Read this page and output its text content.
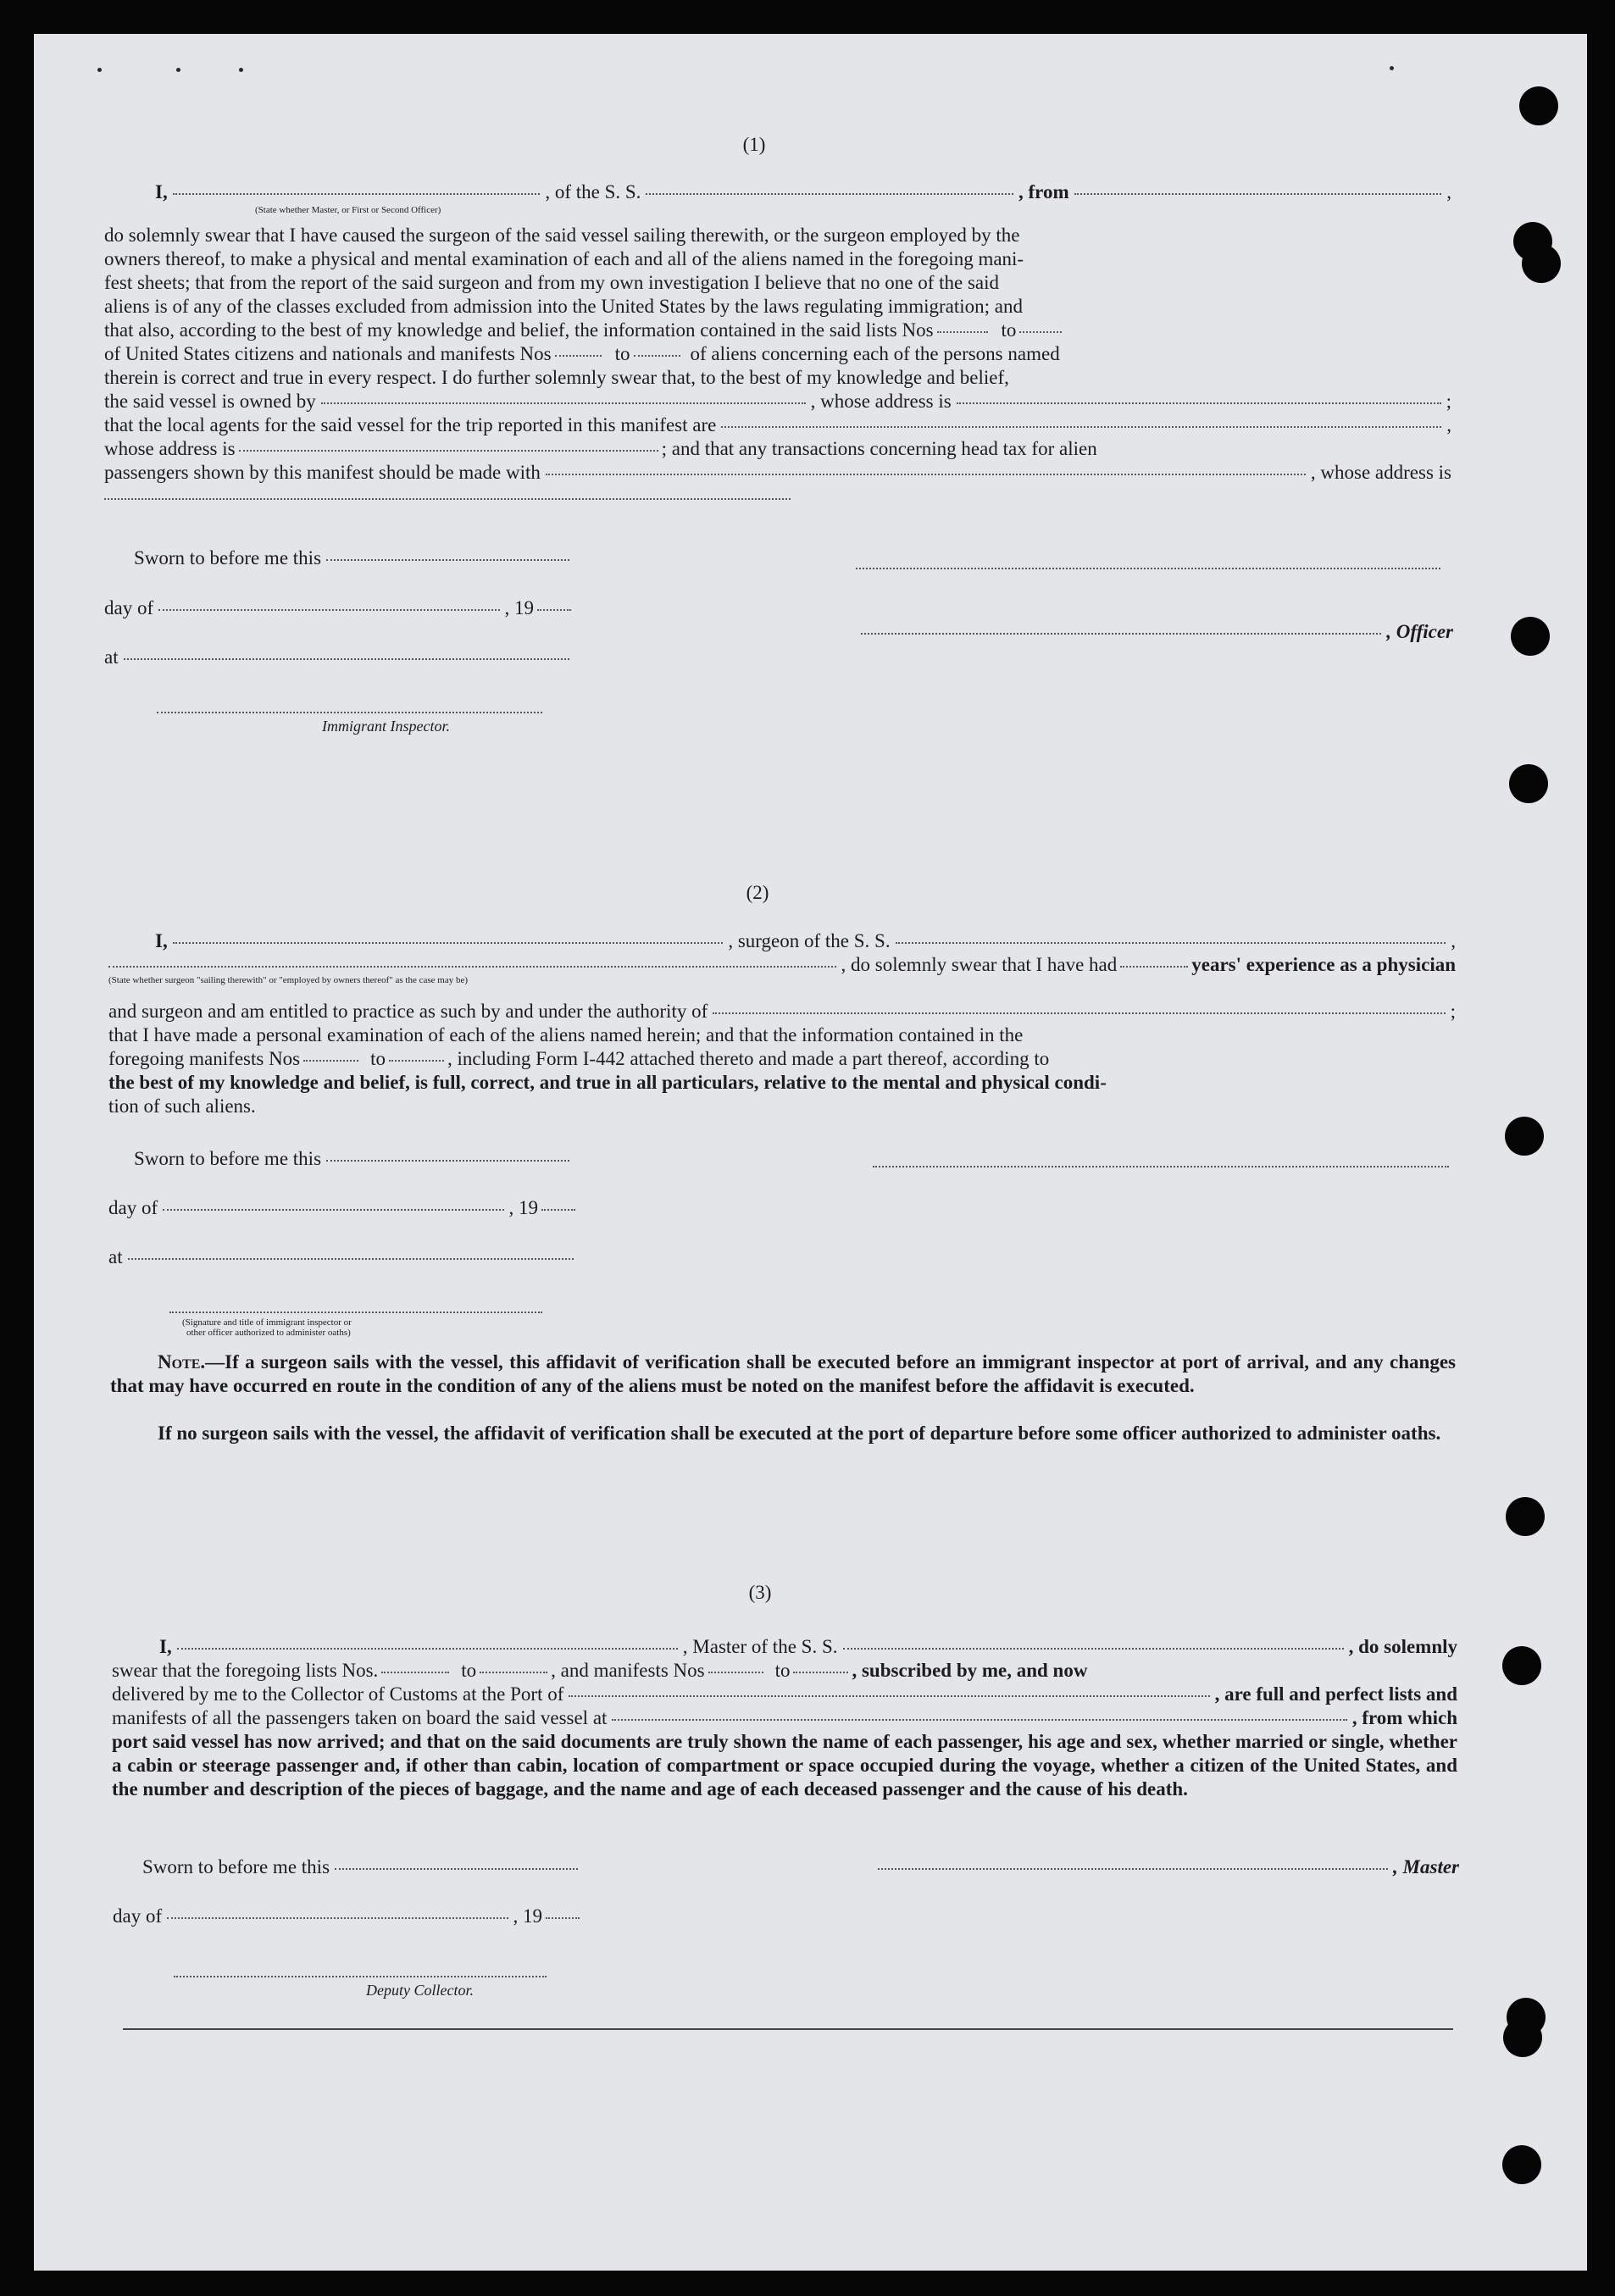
(1)
I,	, of the S. S.	, from	,
(State whether Master, or First or Second Officer)
do solemnly swear that I have caused the surgeon of the said vessel sailing therewith, or the surgeon employed by the
owners thereof, to make a physical and mental examination of each and all of the aliens named in the foregoing mani-
fest sheets; that from the report of the said surgeon and from my own investigation I believe that no one of the said
aliens is of any of the classes excluded from admission into the United States by the laws regulating immigration; and
that also, according to the best of my knowledge and belief, the information contained in the said lists Nos	to
of United States citizens and nationals and manifests Nos	to	of aliens concerning each of the persons named
therein is correct and true in every respect. I do further solemnly swear that, to the best of my knowledge and belief,
the said vessel is owned by	, whose address is	;
that the local agents for the said vessel for the trip reported in this manifest are	,
whose address is	; and that any transactions concerning head tax for alien
passengers shown by this manifest should be made with	, whose address is
Sworn to before me this
day of	, 19
, Officer
at
Immigrant Inspector.
(2)
I,	, surgeon of the S. S.	,
, do solemnly swear that I have had	years' experience as a physician
(State whether surgeon "sailing therewith" or "employed by owners thereof" as the case may be)
and surgeon and am entitled to practice as such by and under the authority of	;
that I have made a personal examination of each of the aliens named herein; and that the information contained in the
foregoing manifests Nos	to	, including Form I-442 attached thereto and made a part thereof, according to
the best of my knowledge and belief, is full, correct, and true in all particulars, relative to the mental and physical condi-
tion of such aliens.
Sworn to before me this
day of	, 19
at
(Signature and title of immigrant inspector or
other officer authorized to administer oaths)
Note.—If a surgeon sails with the vessel, this affidavit of verification shall be executed before an immigrant inspector at port of arrival, and any changes that may have occurred en route in the condition of any of the aliens must be noted on the manifest before the affidavit is executed.
If no surgeon sails with the vessel, the affidavit of verification shall be executed at the port of departure before some officer authorized to administer oaths.
(3)
I,	, Master of the S. S.	, do solemnly
swear that the foregoing lists Nos.	to	, and manifests Nos	to	, subscribed by me, and now
delivered by me to the Collector of Customs at the Port of	, are full and perfect lists and
manifests of all the passengers taken on board the said vessel at	, from which
port said vessel has now arrived; and that on the said documents are truly shown the name of each passenger, his age and sex, whether married or single, whether a cabin or steerage passenger and, if other than cabin, location of compartment or space occupied during the voyage, whether a citizen of the United States, and the number and description of the pieces of baggage, and the name and age of each deceased passenger and the cause of his death.
Sworn to before me this	, Master
day of	, 19
Deputy Collector.
